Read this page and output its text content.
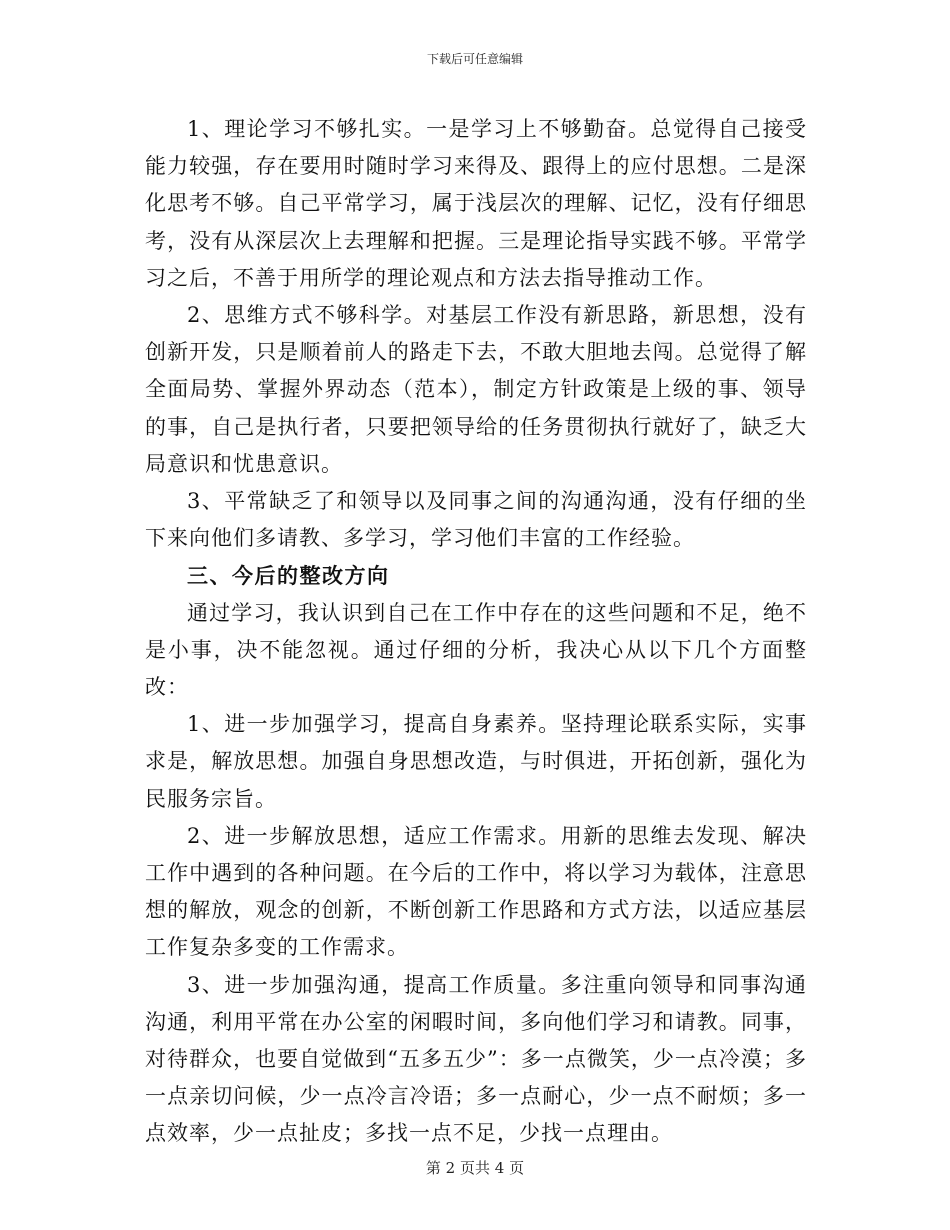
下载后可任意编辑

1、理论学习不够扎实。一是学习上不够勤奋。总觉得自己接受能力较强，存在要用时随时学习来得及、跟得上的应付思想。二是深化思考不够。自己平常学习，属于浅层次的理解、记忆，没有仔细思考，没有从深层次上去理解和把握。三是理论指导实践不够。平常学习之后，不善于用所学的理论观点和方法去指导推动工作。

2、思维方式不够科学。对基层工作没有新思路，新思想，没有创新开发，只是顺着前人的路走下去，不敢大胆地去闯。总觉得了解全面局势、掌握外界动态（范本），制定方针政策是上级的事、领导的事，自己是执行者，只要把领导给的任务贯彻执行就好了，缺乏大局意识和忧患意识。

3、平常缺乏了和领导以及同事之间的沟通沟通，没有仔细的坐下来向他们多请教、多学习，学习他们丰富的工作经验。

三、今后的整改方向

通过学习，我认识到自己在工作中存在的这些问题和不足，绝不是小事，决不能忽视。通过仔细的分析，我决心从以下几个方面整改：

1、进一步加强学习，提高自身素养。坚持理论联系实际，实事求是，解放思想。加强自身思想改造，与时俱进，开拓创新，强化为民服务宗旨。

2、进一步解放思想，适应工作需求。用新的思维去发现、解决工作中遇到的各种问题。在今后的工作中，将以学习为载体，注意思想的解放，观念的创新，不断创新工作思路和方式方法，以适应基层工作复杂多变的工作需求。

3、进一步加强沟通，提高工作质量。多注重向领导和同事沟通沟通，利用平常在办公室的闲暇时间，多向他们学习和请教。同事，对待群众，也要自觉做到“五多五少”：多一点微笑，少一点冷漠；多一点亲切问候，少一点冷言冷语；多一点耐心，少一点不耐烦；多一点效率，少一点扯皮；多找一点不足，少找一点理由。

第 2 页共 4 页
